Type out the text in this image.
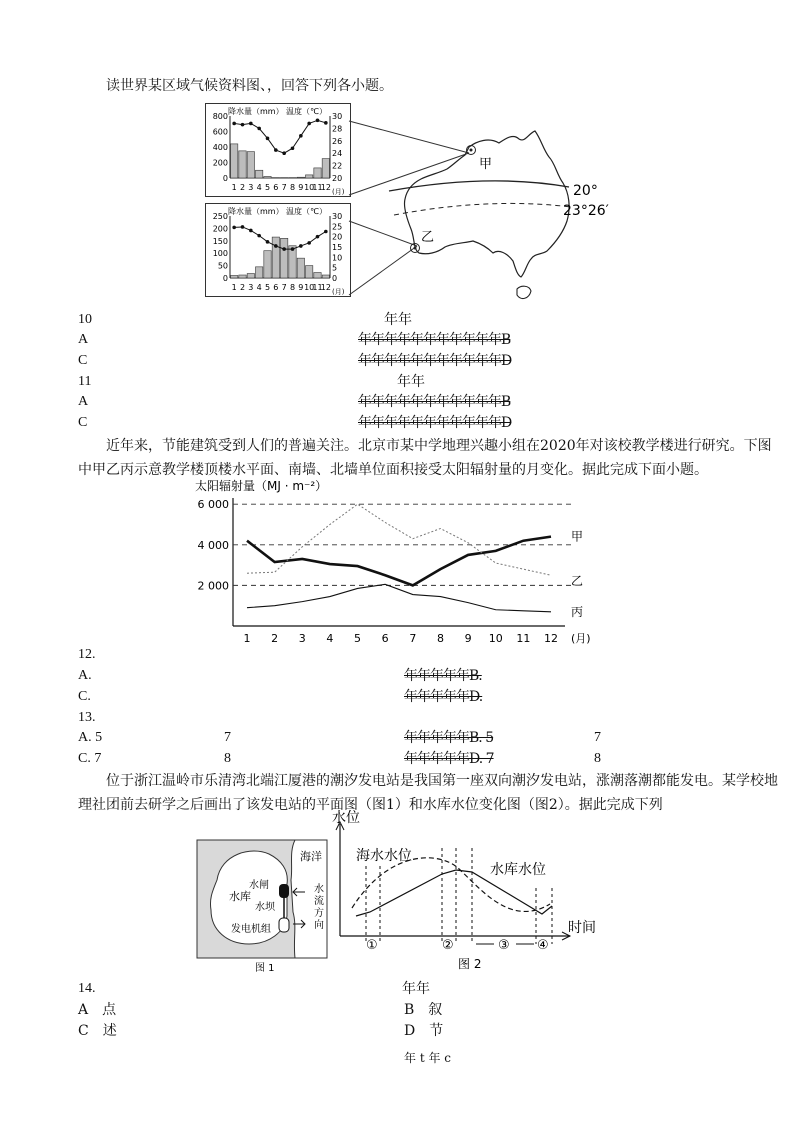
读世界某区域气候资料图、，回答下列各小题。
降水量（mm） 温度（℃）
800
600
400
200
0
30
28
26
24
22
20
1 2 3 4 5 6 7 8 9 10
11
12 (月)
降水量（mm） 温度（℃）
250
200
150
100
50
0
30
25
20
15
10
5
0
1 2 3 4 5 6 7 8 9 10
11
12 (月)
甲
乙
20°
23°26′
10	年年
A	年年年年年年年年年年年B
C	年年年年年年年年年年年D
11	年年
A	年年年年年年年年年年年B
C	年年年年年年年年年年年D
近年来，节能建筑受到人们的普遍关注。北京市某中学地理兴趣小组在2020年对该校教学楼进行研究。下图中甲乙丙示意教学楼顶楼水平面、南墙、北墙单位面积接受太阳辐射量的月变化。据此完成下面小题。
太阳辐射量（MJ · m⁻²）
6 000
4 000
2 000
1 2 3 4 5 6 7 8 9 10 11 12 (月)
甲
乙
丙
12.
A.	年年年年年B.
C.	年年年年年D.
13.
A. 5	7	年年年年年B. 5	7
C. 7	8	年年年年年D. 7	8
位于浙江温岭市乐清湾北端江厦港的潮汐发电站是我国第一座双向潮汐发电站，涨潮落潮都能发电。某学校地理社团前去研学之后画出了该发电站的平面图（图1）和水库水位变化图（图2）。据此完成下列
海洋
水库
水闸
水坝
发电机组
水
流
方
向
图 1
水位
时间
海水水位
水库水位
①	②	③ ④
图 2
14.	年年
A　点	B　叙
C　述	D　节
年 t 年 c
